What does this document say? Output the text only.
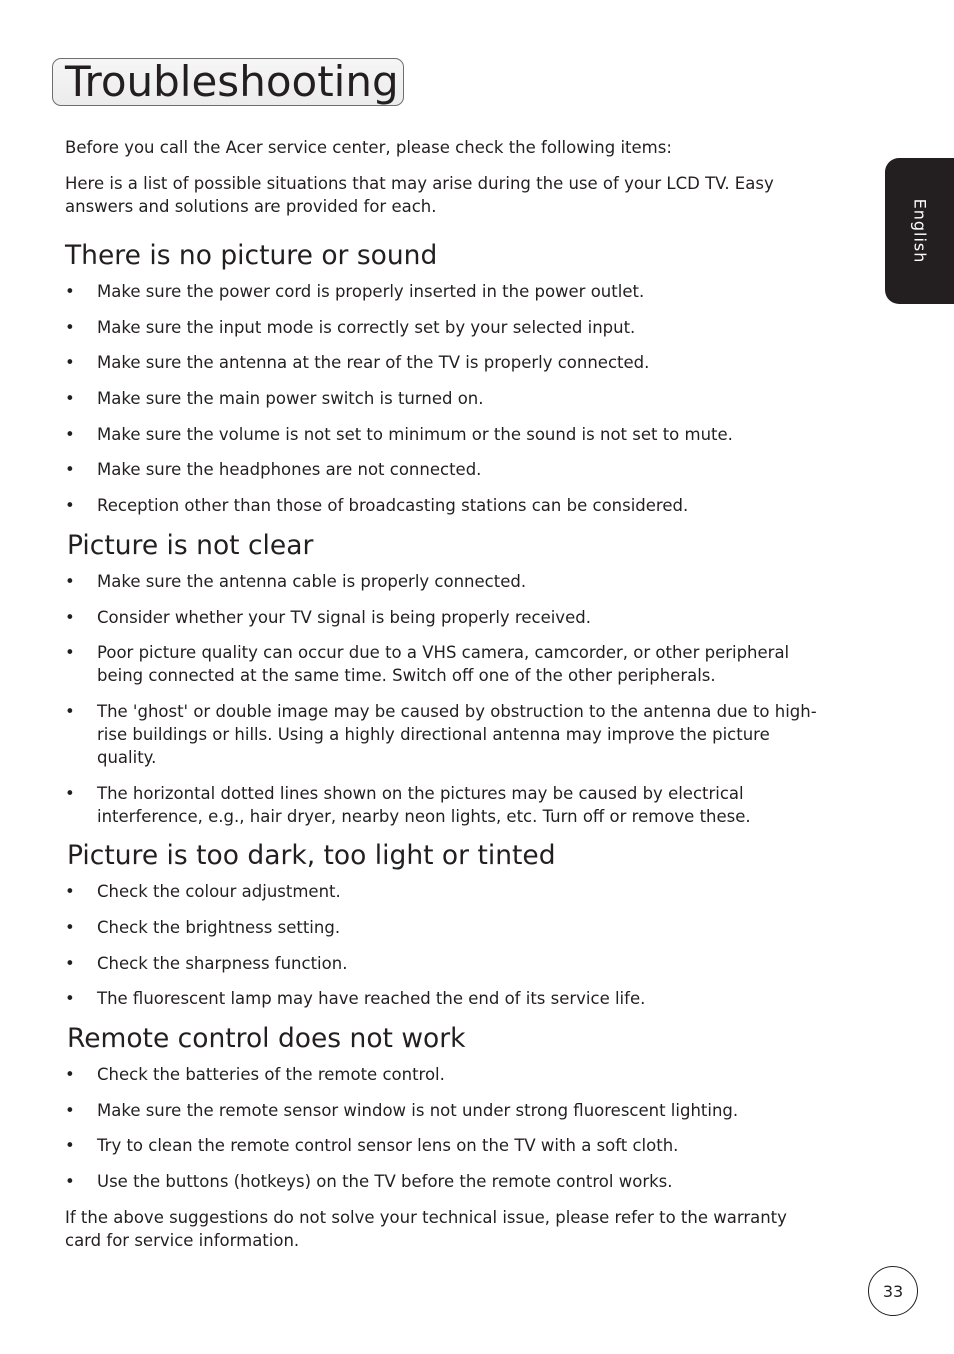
Troubleshooting
English

Before you call the Acer service center, please check the following items:

Here is a list of possible situations that may arise during the use of your LCD TV. Easy answers and solutions are provided for each.

There is no picture or sound
• Make sure the power cord is properly inserted in the power outlet.
• Make sure the input mode is correctly set by your selected input.
• Make sure the antenna at the rear of the TV is properly connected.
• Make sure the main power switch is turned on.
• Make sure the volume is not set to minimum or the sound is not set to mute.
• Make sure the headphones are not connected.
• Reception other than those of broadcasting stations can be considered.
Picture is not clear
• Make sure the antenna cable is properly connected.
• Consider whether your TV signal is being properly received.
• Poor picture quality can occur due to a VHS camera, camcorder, or other peripheral being connected at the same time. Switch off one of the other peripherals.
• The 'ghost' or double image may be caused by obstruction to the antenna due to high-rise buildings or hills. Using a highly directional antenna may improve the picture quality.
• The horizontal dotted lines shown on the pictures may be caused by electrical interference, e.g., hair dryer, nearby neon lights, etc. Turn off or remove these.
Picture is too dark, too light or tinted
• Check the colour adjustment.
• Check the brightness setting.
• Check the sharpness function.
• The fluorescent lamp may have reached the end of its service life.
Remote control does not work
• Check the batteries of the remote control.
• Make sure the remote sensor window is not under strong fluorescent lighting.
• Try to clean the remote control sensor lens on the TV with a soft cloth.
• Use the buttons (hotkeys) on the TV before the remote control works.

If the above suggestions do not solve your technical issue, please refer to the warranty card for service information.

33
